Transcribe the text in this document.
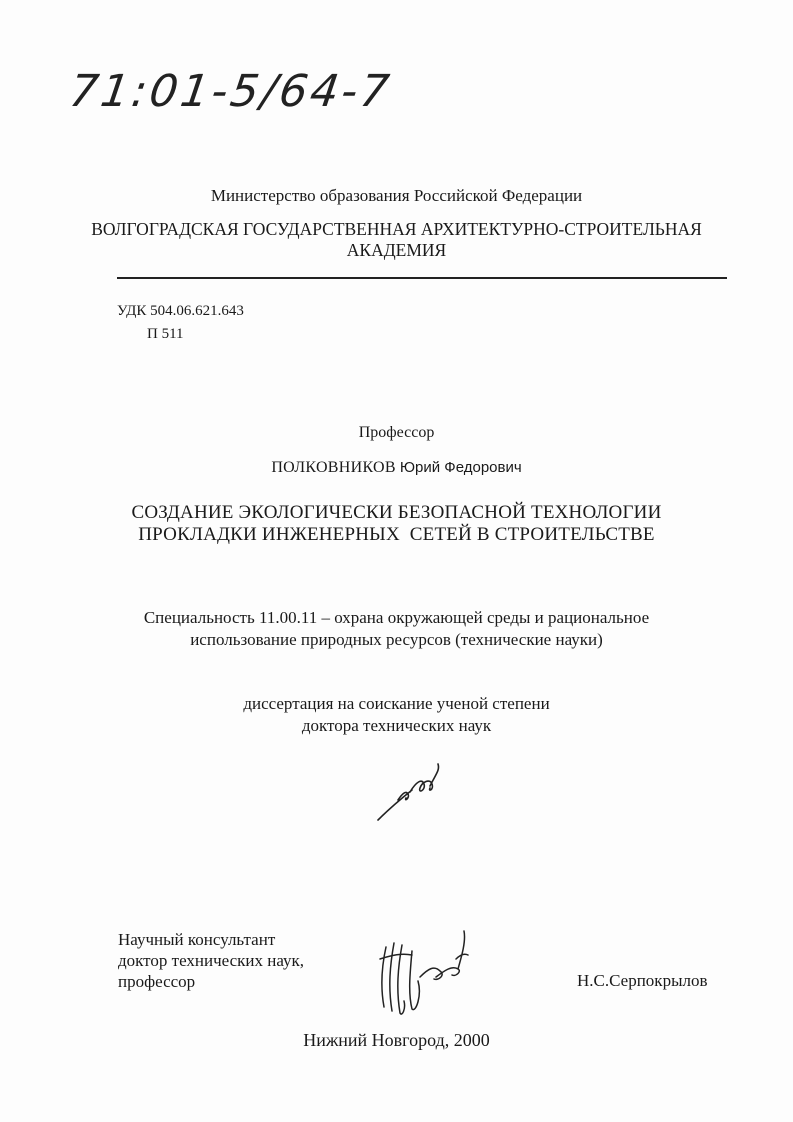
71:01-5/64-7
Министерство образования Российской Федерации
ВОЛГОГРАДСКАЯ ГОСУДАРСТВЕННАЯ АРХИТЕКТУРНО-СТРОИТЕЛЬНАЯ
АКАДЕМИЯ
УДК 504.06.621.643
П 511
Профессор
ПОЛКОВНИКОВ Юрий Федорович
СОЗДАНИЕ ЭКОЛОГИЧЕСКИ БЕЗОПАСНОЙ ТЕХНОЛОГИИ
ПРОКЛАДКИ ИНЖЕНЕРНЫХ  СЕТЕЙ В СТРОИТЕЛЬСТВЕ
Специальность 11.00.11 – охрана окружающей среды и рациональное
использование природных ресурсов (технические науки)
диссертация на соискание ученой степени
доктора технических наук
Научный консультант
доктор технических наук,
профессор	Н.С.Серпокрылов
Нижний Новгород, 2000
